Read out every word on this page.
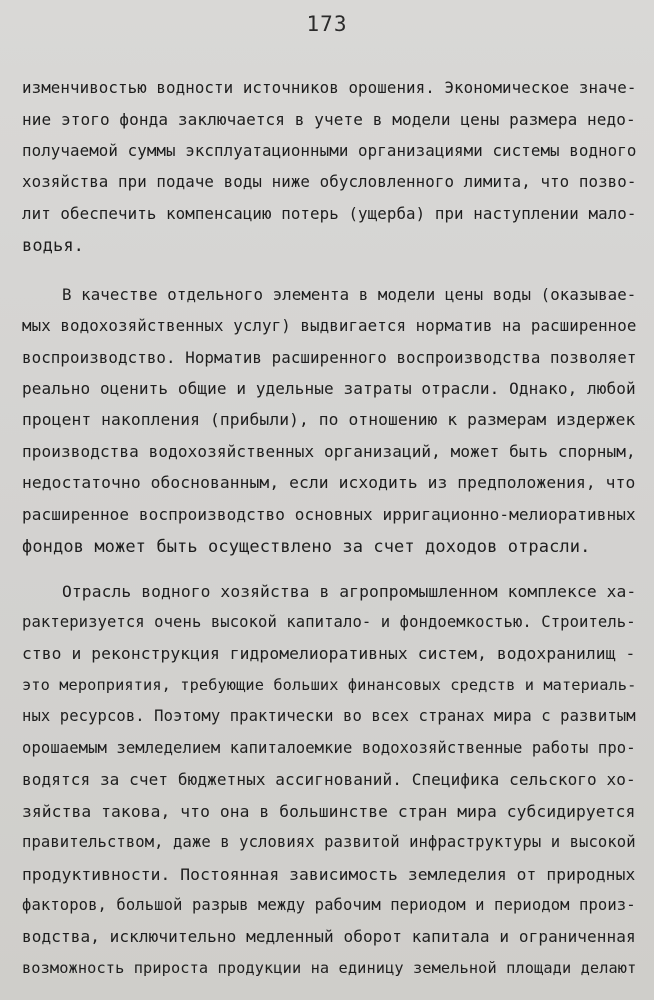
173

изменчивостью водности источников орошения. Экономическое значе-

ние этого фонда заключается в учете в модели цены размера недо-

получаемой суммы эксплуатационными организациями системы водного

хозяйства при подаче воды ниже обусловленного лимита, что позво-

лит обеспечить компенсацию потерь (ущерба) при наступлении мало-

водья.

В качестве отдельного элемента в модели цены воды (оказывае-

мых водохозяйственных услуг) выдвигается норматив на расширенное

воспроизводство. Норматив расширенного воспроизводства позволяет

реально оценить общие и удельные затраты отрасли. Однако, любой

процент накопления (прибыли), по отношению к размерам издержек

производства водохозяйственных организаций, может быть спорным,

недостаточно обоснованным, если исходить из предположения, что

расширенное воспроизводство основных ирригационно-мелиоративных

фондов может быть осуществлено за счет доходов отрасли.

Отрасль водного хозяйства в агропромышленном комплексе ха-

рактеризуется очень высокой капитало- и фондоемкостью. Строитель-

ство и реконструкция гидромелиоративных систем, водохранилищ -

это мероприятия, требующие больших финансовых средств и материаль-

ных ресурсов. Поэтому практически во всех странах мира с развитым

орошаемым земледелием капиталоемкие водохозяйственные работы про-

водятся за счет бюджетных ассигнований. Специфика сельского хо-

зяйства такова, что она в большинстве стран мира субсидируется

правительством, даже в условиях развитой инфраструктуры и высокой

продуктивности. Постоянная зависимость земледелия от природных

факторов, большой разрыв между рабочим периодом и периодом произ-

водства, исключительно медленный оборот капитала и ограниченная

возможность прироста продукции на единицу земельной площади делают
